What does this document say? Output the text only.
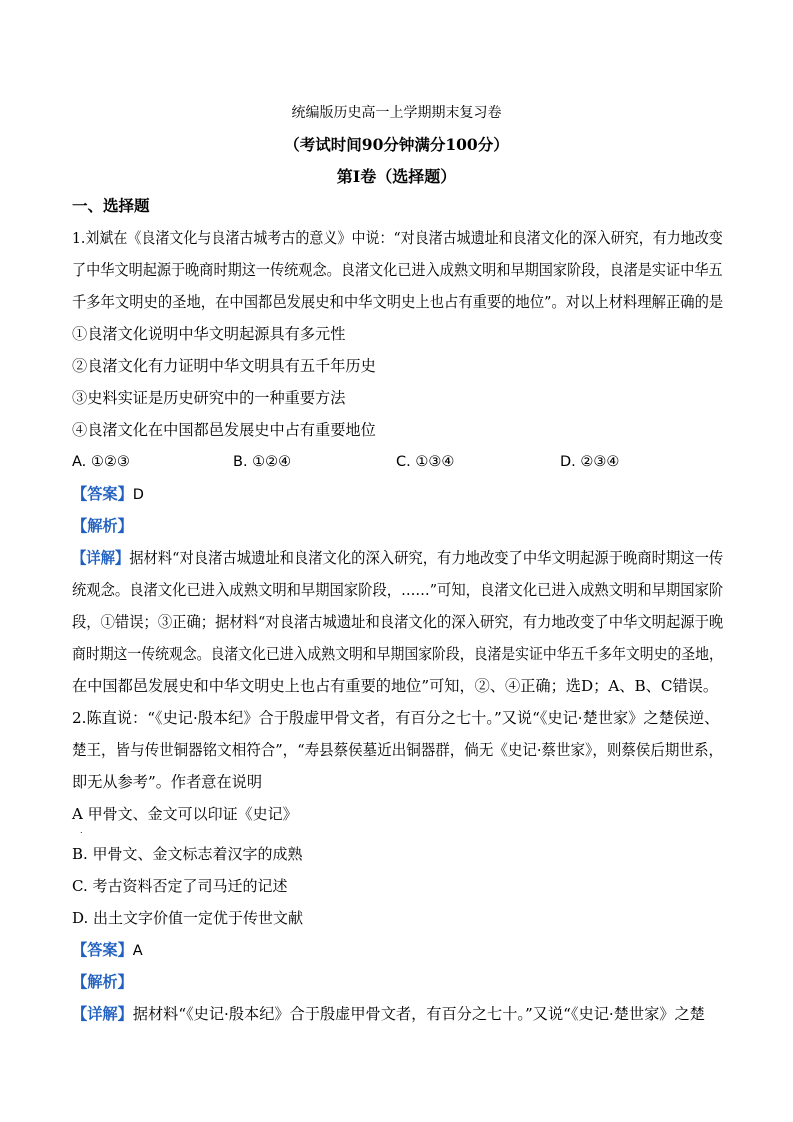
统编版历史高一上学期期末复习卷
（考试时间90分钟满分100分）
第Ⅰ卷（选择题）
一、选择题
1.刘斌在《良渚文化与良渚古城考古的意义》中说：“对良渚古城遗址和良渚文化的深入研究，有力地改变
了中华文明起源于晚商时期这一传统观念。良渚文化已进入成熟文明和早期国家阶段，良渚是实证中华五
千多年文明史的圣地，在中国都邑发展史和中华文明史上也占有重要的地位”。对以上材料理解正确的是
①良渚文化说明中华文明起源具有多元性
②良渚文化有力证明中华文明具有五千年历史
③史料实证是历史研究中的一种重要方法
④良渚文化在中国都邑发展史中占有重要地位
A. ①②③	B. ①②④	C. ①③④	D. ②③④
【答案】D
【解析】
【详解】据材料“对良渚古城遗址和良渚文化的深入研究，有力地改变了中华文明起源于晚商时期这一传
统观念。良渚文化已进入成熟文明和早期国家阶段，……”可知，良渚文化已进入成熟文明和早期国家阶
段，①错误；③正确；据材料“对良渚古城遗址和良渚文化的深入研究，有力地改变了中华文明起源于晚
商时期这一传统观念。良渚文化已进入成熟文明和早期国家阶段，良渚是实证中华五千多年文明史的圣地，
在中国都邑发展史和中华文明史上也占有重要的地位”可知，②、④正确；选D；A、B、C错误。
2.陈直说：“《史记·殷本纪》合于殷虚甲骨文者，有百分之七十。”又说“《史记·楚世家》之楚侯逆、
楚王，皆与传世铜器铭文相符合”，“寿县蔡侯墓近出铜器群，倘无《史记·蔡世家》，则蔡侯后期世系，
即无从参考”。作者意在说明
A 甲骨文、金文可以印证《史记》
.
B. 甲骨文、金文标志着汉字的成熟
C. 考古资料否定了司马迁的记述
D. 出土文字价值一定优于传世文献
【答案】A
【解析】
【详解】据材料“《史记·殷本纪》合于殷虚甲骨文者，有百分之七十。”又说“《史记·楚世家》之楚
